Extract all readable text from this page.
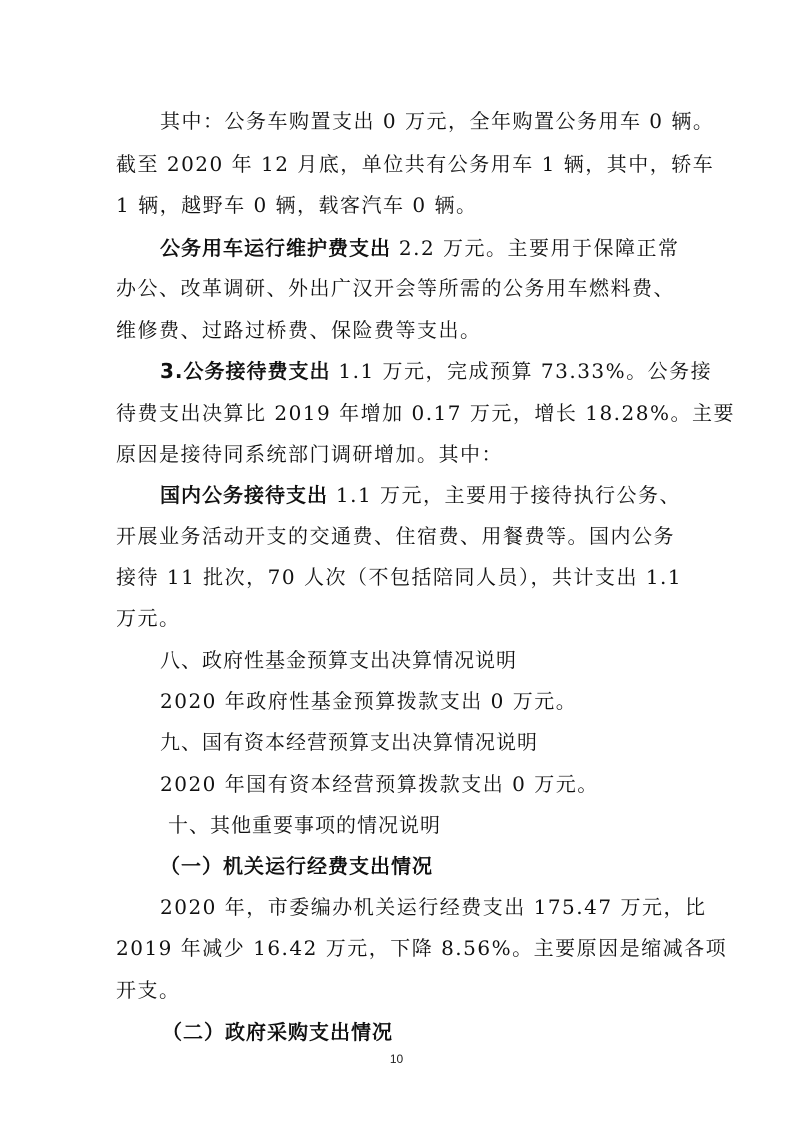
其中：公务车购置支出 0 万元，全年购置公务用车 0 辆。
截至 2020 年 12 月底，单位共有公务用车 1 辆，其中，轿车
1 辆，越野车 0 辆，载客汽车 0 辆。
公务用车运行维护费支出 2.2 万元。主要用于保障正常
办公、改革调研、外出广汉开会等所需的公务用车燃料费、
维修费、过路过桥费、保险费等支出。
3.公务接待费支出 1.1 万元，完成预算 73.33%。公务接
待费支出决算比 2019 年增加 0.17 万元，增长 18.28%。主要
原因是接待同系统部门调研增加。其中：
国内公务接待支出 1.1 万元，主要用于接待执行公务、
开展业务活动开支的交通费、住宿费、用餐费等。国内公务
接待 11 批次，70 人次（不包括陪同人员），共计支出 1.1
万元。
八、政府性基金预算支出决算情况说明
2020 年政府性基金预算拨款支出 0 万元。
九、国有资本经营预算支出决算情况说明
2020 年国有资本经营预算拨款支出 0 万元。
十、其他重要事项的情况说明
（一）机关运行经费支出情况
2020 年，市委编办机关运行经费支出 175.47 万元，比
2019 年减少 16.42 万元，下降 8.56%。主要原因是缩减各项
开支。
（二）政府采购支出情况
10
